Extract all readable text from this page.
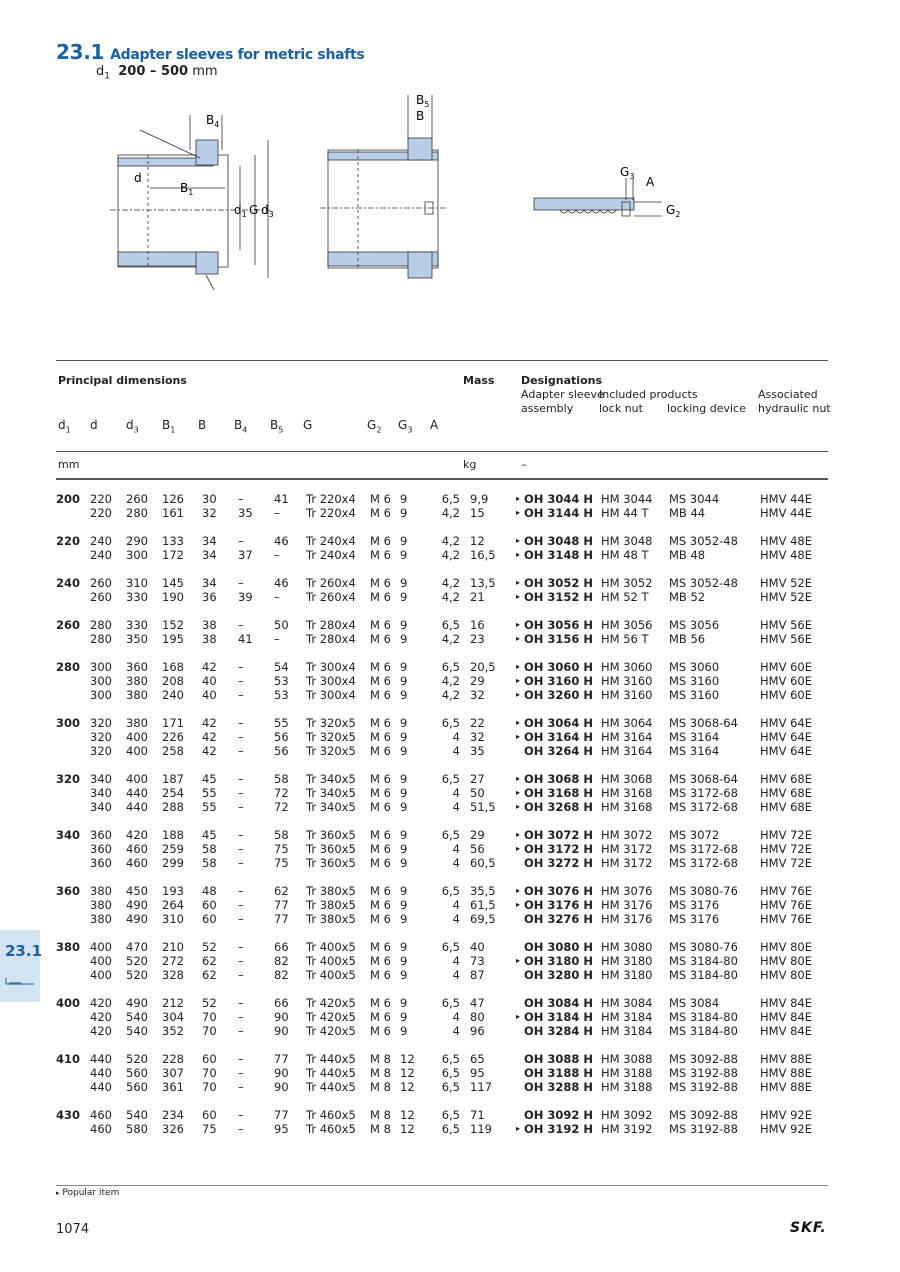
23.1 Adapter sleeves for metric shafts
$d_1$ 200 – 500 mm
$B_4$
d
$B_1$
$d_1$ G $d_3$
$B_5$
B
$G_3$ A
$G_2$
Principal dimensions	Mass Designations
Adapter sleeve
assembly
Included products
lock nut locking device
Associated
hydraulic nut
$d_1$ d $d_3$ $B_1$ B $B_4$ $B_5$ G	$G_2$ $G_3$ A
mm	kg	–
200	220	260	126	30	–	41	Tr 220x4	M 6	9	6,5	9,9	▸	OH 3044 H	HM 3044	MS 3044	HMV 44E
	220	280	161	32	35	–	Tr 220x4	M 6	9	4,2	15	▸	OH 3144 H	HM 44 T	MB 44	HMV 44E
220	240	290	133	34	–	46	Tr 240x4	M 6	9	4,2	12	▸	OH 3048 H	HM 3048	MS 3052-48	HMV 48E
	240	300	172	34	37	–	Tr 240x4	M 6	9	4,2	16,5	▸	OH 3148 H	HM 48 T	MB 48	HMV 48E
240	260	310	145	34	–	46	Tr 260x4	M 6	9	4,2	13,5	▸	OH 3052 H	HM 3052	MS 3052-48	HMV 52E
	260	330	190	36	39	–	Tr 260x4	M 6	9	4,2	21	▸	OH 3152 H	HM 52 T	MB 52	HMV 52E
260	280	330	152	38	–	50	Tr 280x4	M 6	9	6,5	16	▸	OH 3056 H	HM 3056	MS 3056	HMV 56E
	280	350	195	38	41	–	Tr 280x4	M 6	9	4,2	23	▸	OH 3156 H	HM 56 T	MB 56	HMV 56E
280	300	360	168	42	–	54	Tr 300x4	M 6	9	6,5	20,5	▸	OH 3060 H	HM 3060	MS 3060	HMV 60E
	300	380	208	40	–	53	Tr 300x4	M 6	9	4,2	29	▸	OH 3160 H	HM 3160	MS 3160	HMV 60E
	300	380	240	40	–	53	Tr 300x4	M 6	9	4,2	32	▸	OH 3260 H	HM 3160	MS 3160	HMV 60E
300	320	380	171	42	–	55	Tr 320x5	M 6	9	6,5	22	▸	OH 3064 H	HM 3064	MS 3068-64	HMV 64E
	320	400	226	42	–	56	Tr 320x5	M 6	9	4	32	▸	OH 3164 H	HM 3164	MS 3164	HMV 64E
	320	400	258	42	–	56	Tr 320x5	M 6	9	4	35		OH 3264 H	HM 3164	MS 3164	HMV 64E
320	340	400	187	45	–	58	Tr 340x5	M 6	9	6,5	27	▸	OH 3068 H	HM 3068	MS 3068-64	HMV 68E
	340	440	254	55	–	72	Tr 340x5	M 6	9	4	50	▸	OH 3168 H	HM 3168	MS 3172-68	HMV 68E
	340	440	288	55	–	72	Tr 340x5	M 6	9	4	51,5	▸	OH 3268 H	HM 3168	MS 3172-68	HMV 68E
340	360	420	188	45	–	58	Tr 360x5	M 6	9	6,5	29	▸	OH 3072 H	HM 3072	MS 3072	HMV 72E
	360	460	259	58	–	75	Tr 360x5	M 6	9	4	56	▸	OH 3172 H	HM 3172	MS 3172-68	HMV 72E
	360	460	299	58	–	75	Tr 360x5	M 6	9	4	60,5		OH 3272 H	HM 3172	MS 3172-68	HMV 72E
360	380	450	193	48	–	62	Tr 380x5	M 6	9	6,5	35,5	▸	OH 3076 H	HM 3076	MS 3080-76	HMV 76E
	380	490	264	60	–	77	Tr 380x5	M 6	9	4	61,5	▸	OH 3176 H	HM 3176	MS 3176	HMV 76E
	380	490	310	60	–	77	Tr 380x5	M 6	9	4	69,5		OH 3276 H	HM 3176	MS 3176	HMV 76E
380	400	470	210	52	–	66	Tr 400x5	M 6	9	6,5	40		OH 3080 H	HM 3080	MS 3080-76	HMV 80E
	400	520	272	62	–	82	Tr 400x5	M 6	9	4	73	▸	OH 3180 H	HM 3180	MS 3184-80	HMV 80E
	400	520	328	62	–	82	Tr 400x5	M 6	9	4	87		OH 3280 H	HM 3180	MS 3184-80	HMV 80E
400	420	490	212	52	–	66	Tr 420x5	M 6	9	6,5	47		OH 3084 H	HM 3084	MS 3084	HMV 84E
	420	540	304	70	–	90	Tr 420x5	M 6	9	4	80	▸	OH 3184 H	HM 3184	MS 3184-80	HMV 84E
	420	540	352	70	–	90	Tr 420x5	M 6	9	4	96		OH 3284 H	HM 3184	MS 3184-80	HMV 84E
410	440	520	228	60	–	77	Tr 440x5	M 8	12	6,5	65		OH 3088 H	HM 3088	MS 3092-88	HMV 88E
	440	560	307	70	–	90	Tr 440x5	M 8	12	6,5	95		OH 3188 H	HM 3188	MS 3192-88	HMV 88E
	440	560	361	70	–	90	Tr 440x5	M 8	12	6,5	117		OH 3288 H	HM 3188	MS 3192-88	HMV 88E
430	460	540	234	60	–	77	Tr 460x5	M 8	12	6,5	71		OH 3092 H	HM 3092	MS 3092-88	HMV 92E
	460	580	326	75	–	95	Tr 460x5	M 8	12	6,5	119	▸	OH 3192 H	HM 3192	MS 3192-88	HMV 92E
▸ Popular item
23.1
1074	SKF.
